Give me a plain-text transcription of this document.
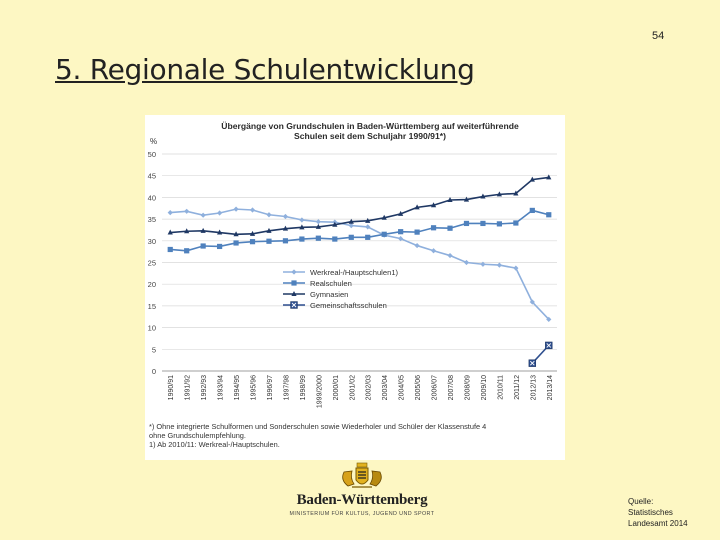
54
5. Regionale Schulentwicklung
Übergänge von Grundschulen in Baden-Württemberg auf weiterführende
Schulen seit dem Schuljahr 1990/91*)
%
0
5
10
15
20
25
30
35
40
45
50
1990/91 1991/92 1992/93 1993/94 1994/95 1995/96 1996/97 1997/98 1998/99 1999/2000 2000/01 2001/02 2002/03 2003/04 2004/05 2005/06 2006/07 2007/08 2008/09 2009/10 2010/11 2011/12 2012/13 2013/14
Werkreal-/Hauptschulen1)
Realschulen
Gymnasien
Gemeinschaftsschulen
*) Ohne integrierte Schulformen und Sonderschulen sowie Wiederholer und Schüler der Klassenstufe 4
ohne Grundschulempfehlung.
1) Ab 2010/11: Werkreal-/Hauptschulen.
Baden-Württemberg
MINISTERIUM FÜR KULTUS, JUGEND UND SPORT
Quelle:
Statistisches
Landesamt 2014
